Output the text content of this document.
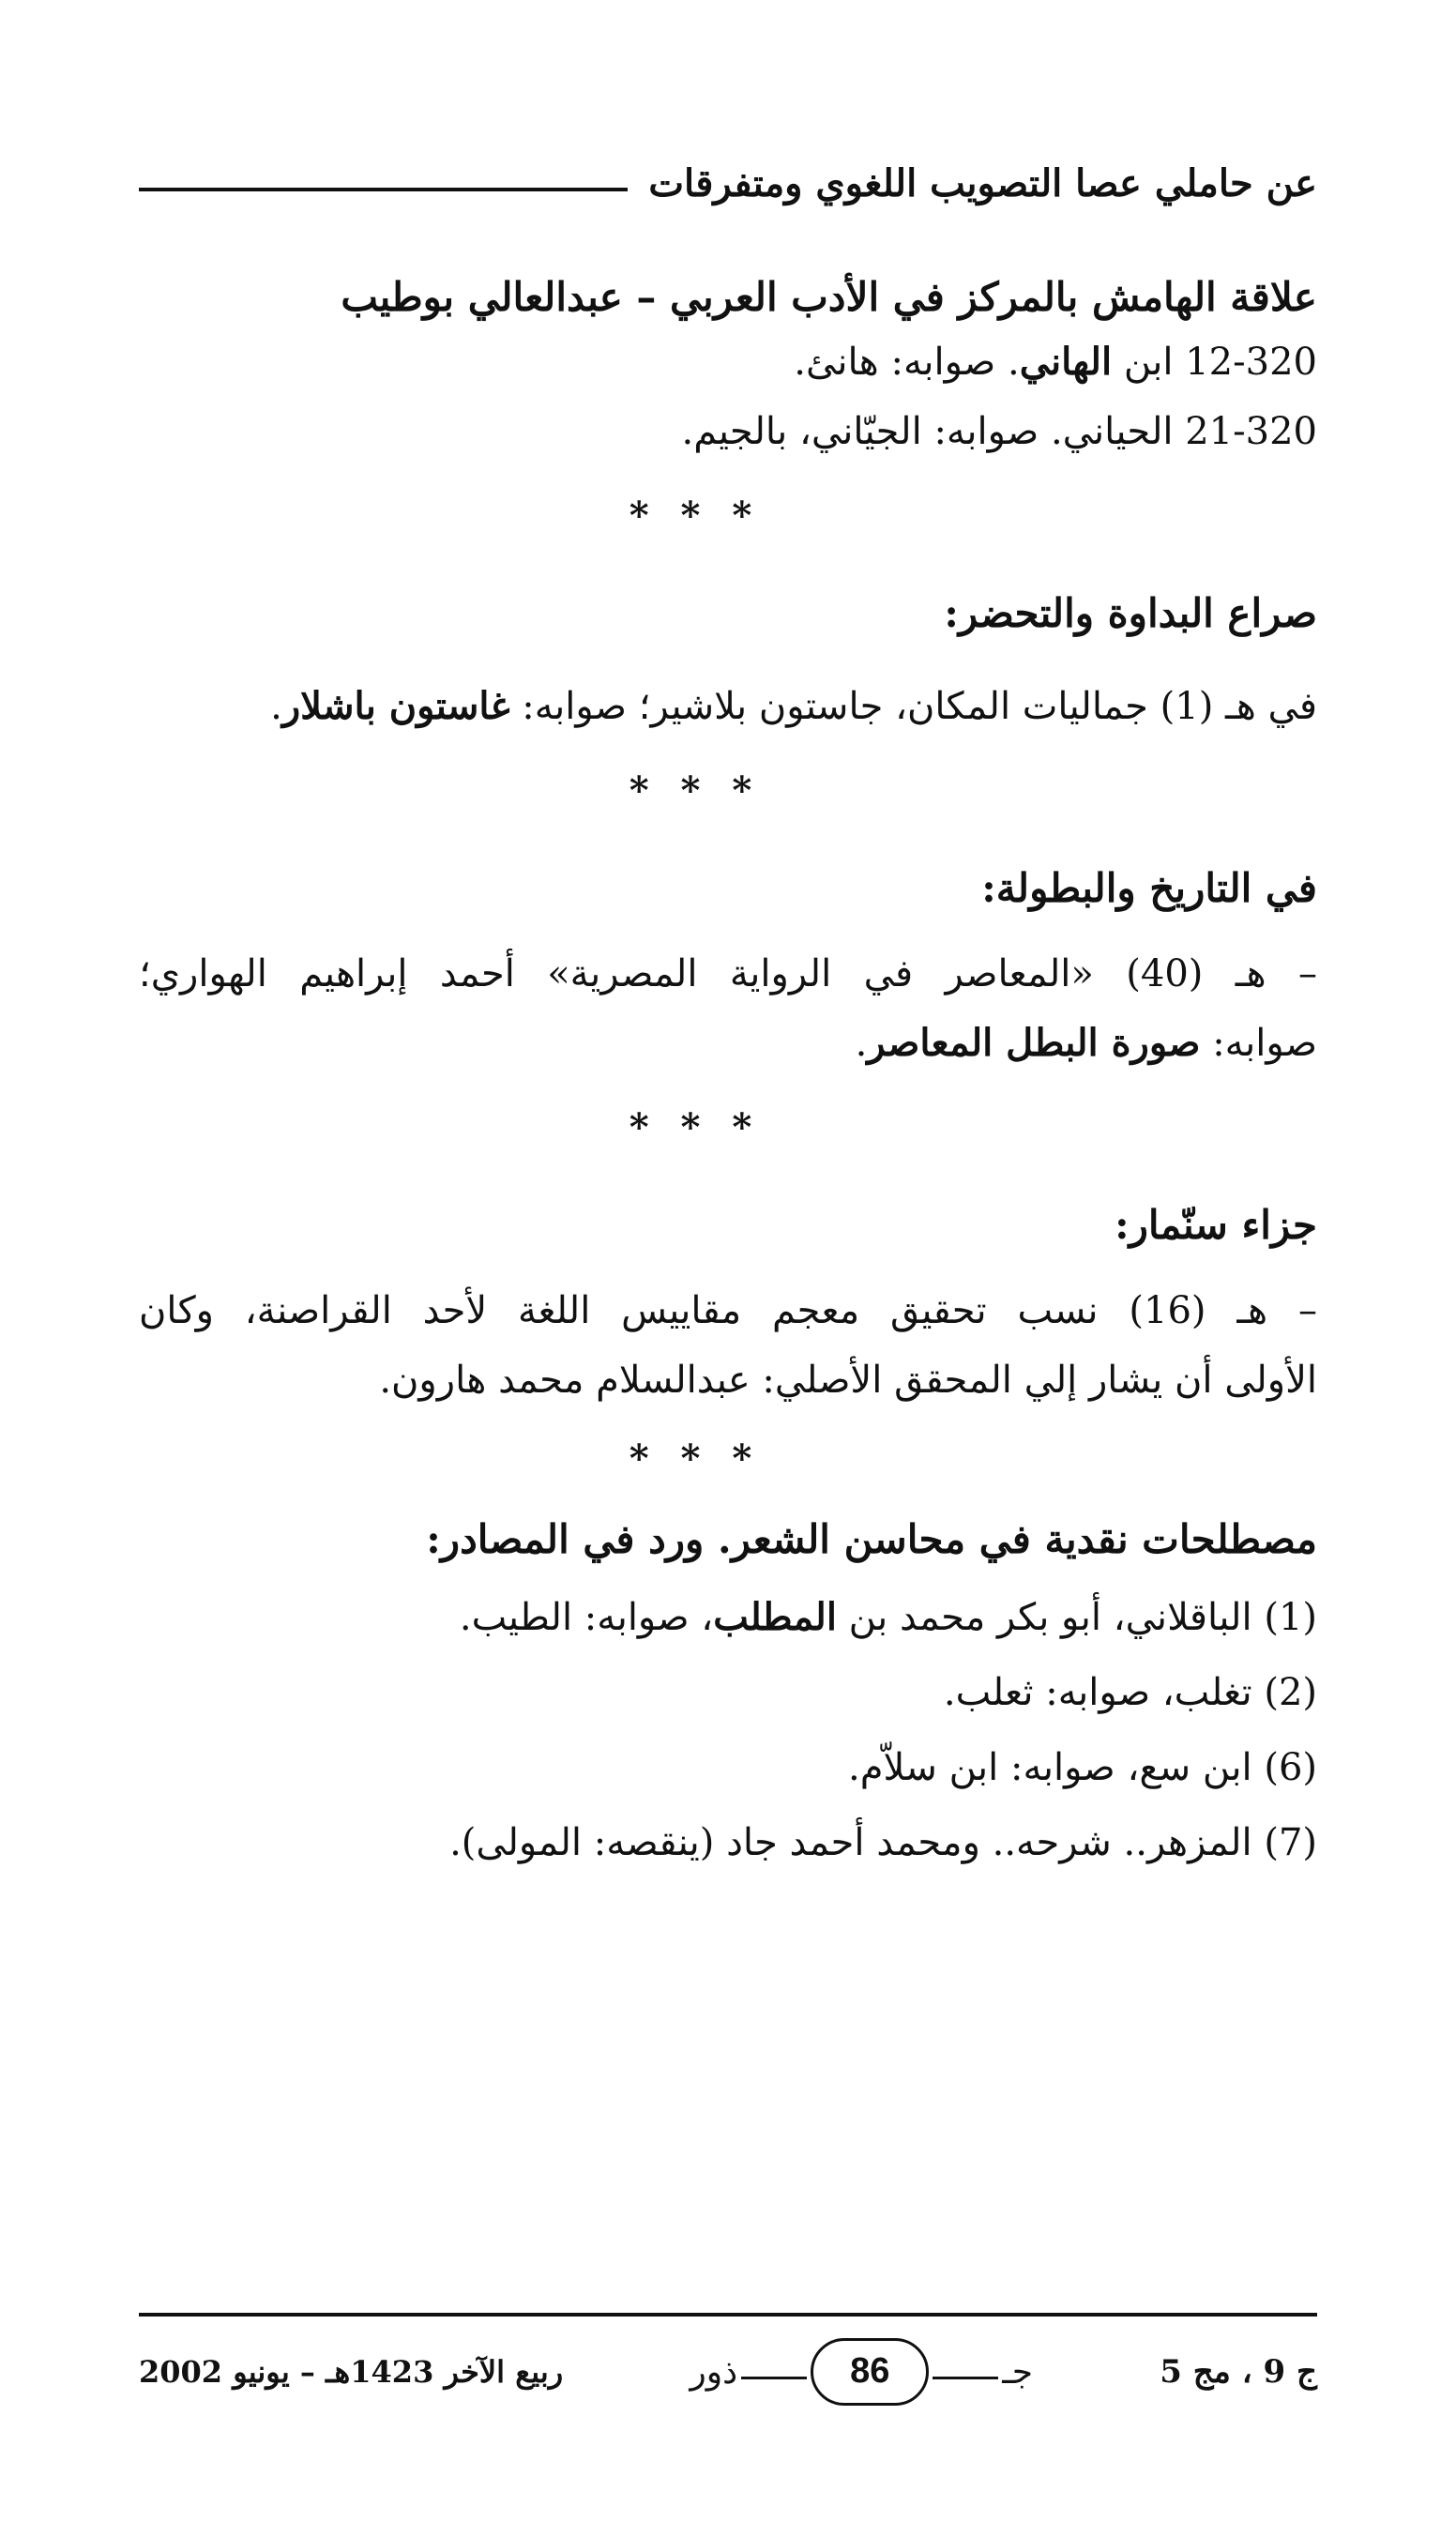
عن حاملي عصا التصويب اللغوي ومتفرقات

علاقة الهامش بالمركز في الأدب العربي – عبدالعالي بوطيب

12-320 ابن الهاني. صوابه: هانئ.

21-320 الحياني. صوابه: الجيّاني، بالجيم.

* * *

صراع البداوة والتحضر:

في هـ (1) جماليات المكان، جاستون بلاشير؛ صوابه: غاستون باشلار.

* * *

في التاريخ والبطولة:

– هـ (40) «المعاصر في الرواية المصرية» أحمد إبراهيم الهواري؛

صوابه: صورة البطل المعاصر.

* * *

جزاء سنّمار:

– هـ (16) نسب تحقيق معجم مقاييس اللغة لأحد القراصنة، وكان

الأولى أن يشار إلي المحقق الأصلي: عبدالسلام محمد هارون.

* * *

مصطلحات نقدية في محاسن الشعر. ورد في المصادر:

(1) الباقلاني، أبو بكر محمد بن المطلب، صوابه: الطيب.

(2) تغلب، صوابه: ثعلب.

(6) ابن سع، صوابه: ابن سلاّم.

(7) المزهر.. شرحه.. ومحمد أحمد جاد (ينقصه: المولى).

ج 9 ، مج 5
جـ
86
ذور
ربيع الآخر 1423هـ – يونيو 2002
